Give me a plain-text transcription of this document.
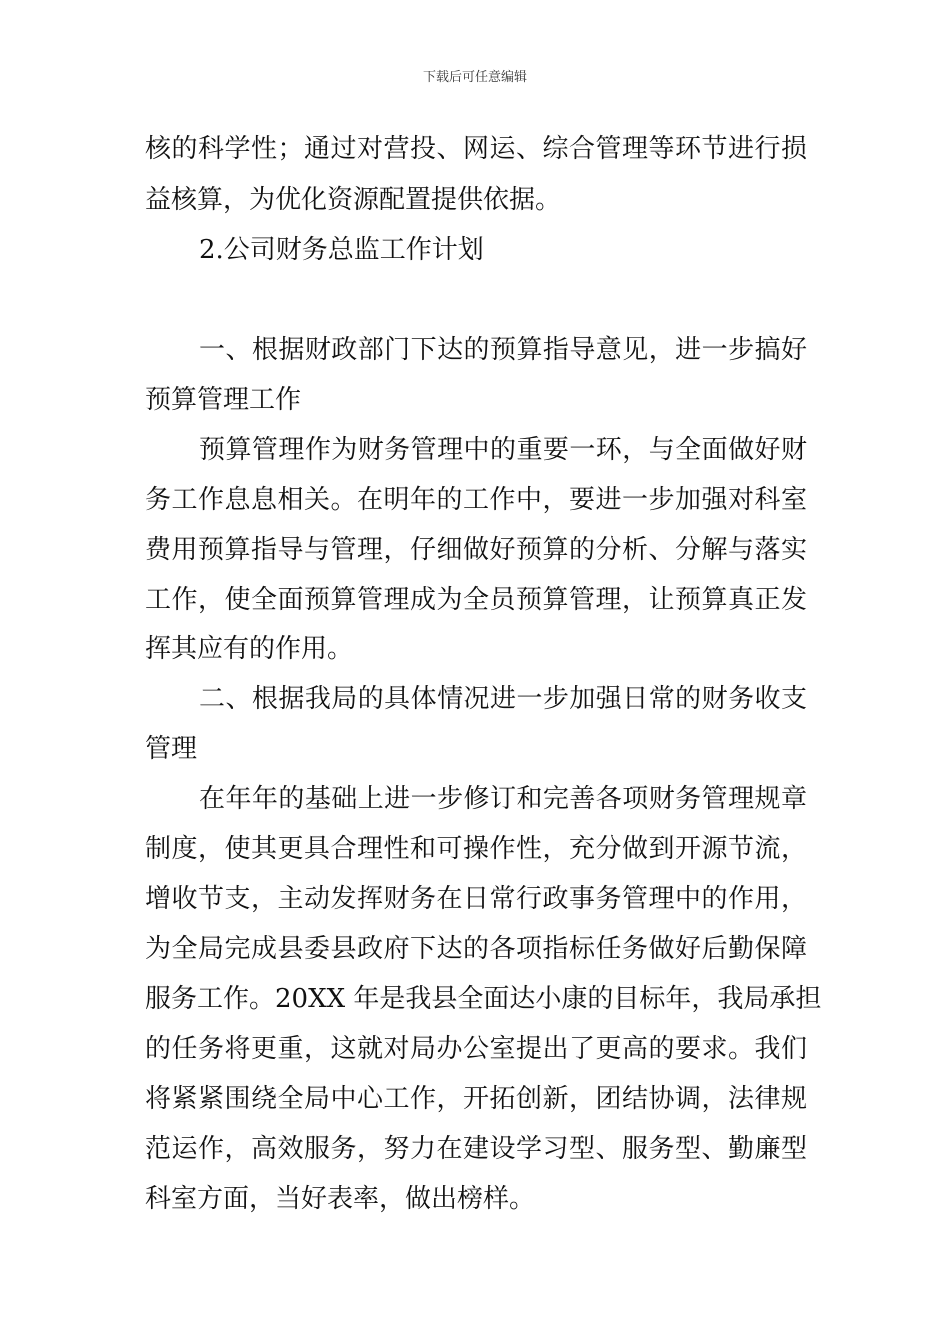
下载后可任意编辑
核的科学性；通过对营投、网运、综合管理等环节进行损
益核算，为优化资源配置提供依据。
2.公司财务总监工作计划
一、根据财政部门下达的预算指导意见，进一步搞好
预算管理工作
预算管理作为财务管理中的重要一环，与全面做好财
务工作息息相关。在明年的工作中，要进一步加强对科室
费用预算指导与管理，仔细做好预算的分析、分解与落实
工作，使全面预算管理成为全员预算管理，让预算真正发
挥其应有的作用。
二、根据我局的具体情况进一步加强日常的财务收支
管理
在年年的基础上进一步修订和完善各项财务管理规章
制度，使其更具合理性和可操作性，充分做到开源节流，
增收节支，主动发挥财务在日常行政事务管理中的作用，
为全局完成县委县政府下达的各项指标任务做好后勤保障
服务工作。20XX 年是我县全面达小康的目标年，我局承担
的任务将更重，这就对局办公室提出了更高的要求。我们
将紧紧围绕全局中心工作，开拓创新，团结协调，法律规
范运作，高效服务，努力在建设学习型、服务型、勤廉型
科室方面，当好表率，做出榜样。
